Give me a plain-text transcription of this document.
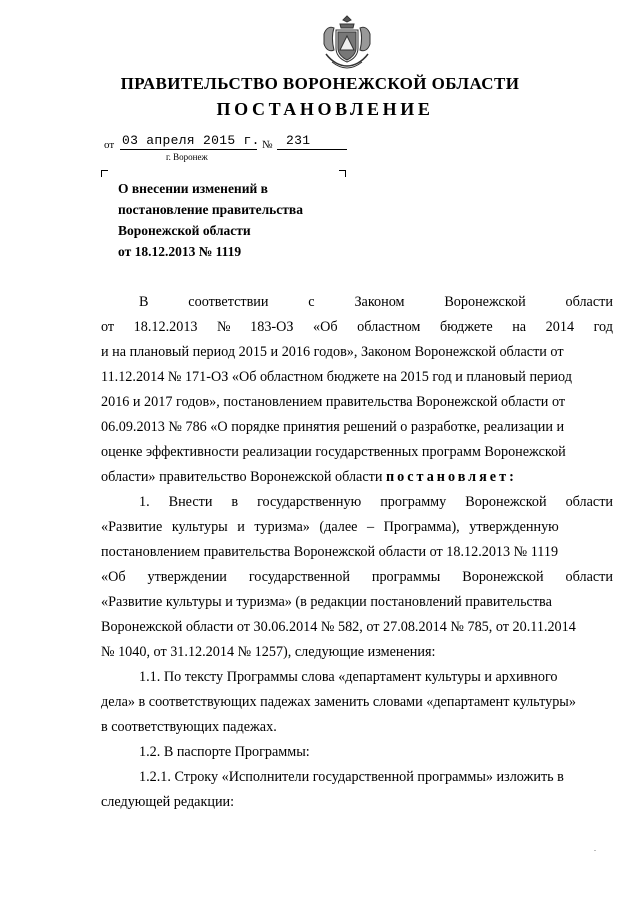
ПРАВИТЕЛЬСТВО ВОРОНЕЖСКОЙ ОБЛАСТИ
ПОСТАНОВЛЕНИЕ
от 03 апреля 2015 г. № 231
г. Воронеж
О внесении изменений в
постановление правительства
Воронежской области
от 18.12.2013 № 1119
В	соответствии	с	Законом	Воронежской	области
от 18.12.2013 № 183-ОЗ «Об областном бюджете на 2014 год
и на плановый период 2015 и 2016 годов», Законом Воронежской области от
11.12.2014 № 171-ОЗ «Об областном бюджете на 2015 год и плановый период
2016 и 2017 годов», постановлением правительства Воронежской области от
06.09.2013 № 786 «О порядке принятия решений о разработке, реализации и
оценке эффективности реализации государственных программ Воронежской
области» правительство Воронежской области постановляет:
1. Внести в государственную программу Воронежской области
«Развитие культуры и туризма» (далее – Программа), утвержденную
постановлением правительства Воронежской области от 18.12.2013 № 1119
«Об утверждении государственной программы Воронежской области
«Развитие культуры и туризма» (в редакции постановлений правительства
Воронежской области от 30.06.2014 № 582, от 27.08.2014 № 785, от 20.11.2014
№ 1040, от 31.12.2014 № 1257), следующие изменения:
1.1. По тексту Программы слова «департамент культуры и архивного
дела» в соответствующих падежах заменить словами «департамент культуры»
в соответствующих падежах.
1.2. В паспорте Программы:
1.2.1. Строку «Исполнители государственной программы» изложить в
следующей редакции:
